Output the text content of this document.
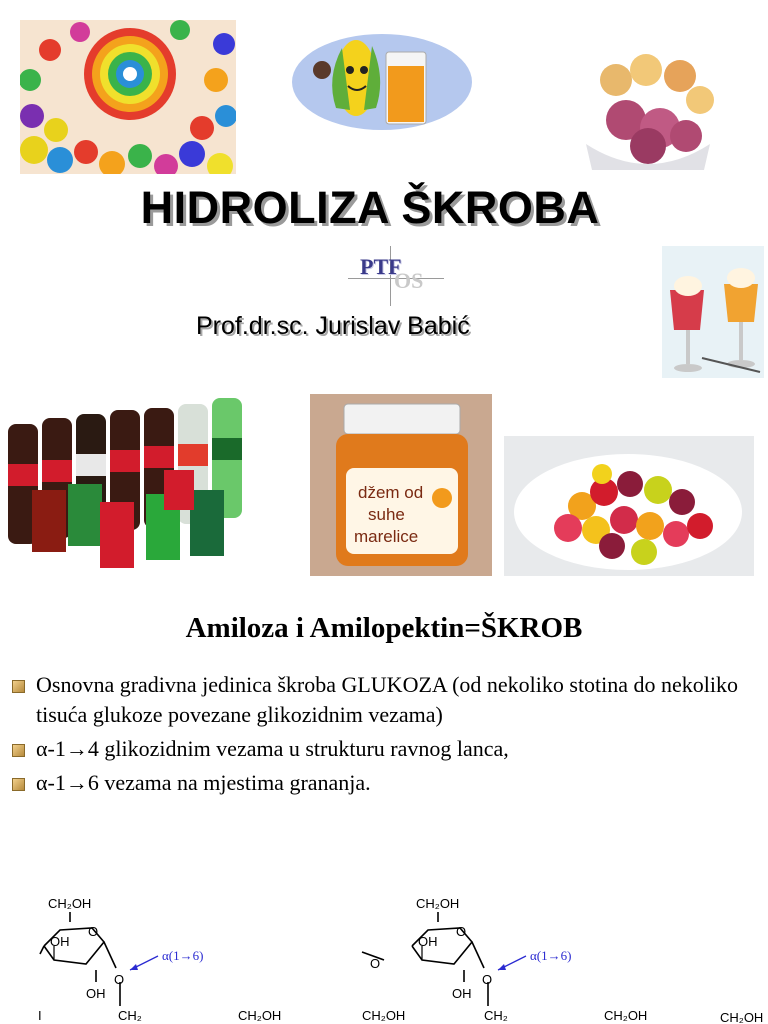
HIDROLIZA ŠKROBA
OS
PTF
Prof.dr.sc. Jurislav Babić
džem od
suhe
marelice
Amiloza i Amilopektin=ŠKROB
Osnovna gradivna jedinica škroba GLUKOZA (od nekoliko stotina do nekoliko tisuća glukoze povezane glikozidnim vezama)
α-1→4 glikozidnim vezama u strukturu ravnog lanca,
α-1→6 vezama na mjestima grananja.
CH₂OH
OH
O
OH
O
CH₂
I
α(1→6)
CH₂OH
CH₂OH
OH
O
O
OH
O
CH₂
α(1→6)
CH₂OH	CH₂OH	CH₂OH
